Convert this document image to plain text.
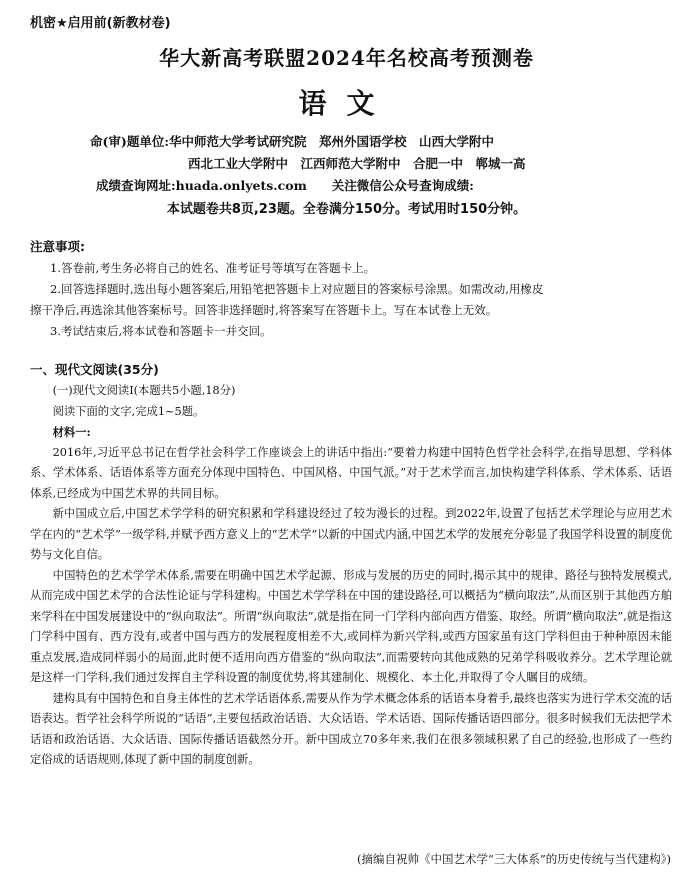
机密★启用前(新教材卷)
华大新高考联盟2024年名校高考预测卷
语文
命(审)题单位:华中师范大学考试研究院　郑州外国语学校　山西大学附中
西北工业大学附中　江西师范大学附中　合肥一中　郸城一高
成绩查询网址:huada.onlyets.com　　关注微信公众号查询成绩:
本试题卷共8页,23题。全卷满分150分。考试用时150分钟。
注意事项:
1.答卷前,考生务必将自己的姓名、准考证号等填写在答题卡上。
2.回答选择题时,选出每小题答案后,用铅笔把答题卡上对应题目的答案标号涂黑。如需改动,用橡皮
擦干净后,再选涂其他答案标号。回答非选择题时,将答案写在答题卡上。写在本试卷上无效。
3.考试结束后,将本试卷和答题卡一并交回。
一、现代文阅读(35分)

(一)现代文阅读Ⅰ(本题共5小题,18分)

阅读下面的文字,完成1~5题。

材料一:

2016年,习近平总书记在哲学社会科学工作座谈会上的讲话中指出:“要着力构建中国特色哲学社会科学,在指导思想、学科体系、学术体系、话语体系等方面充分体现中国特色、中国风格、中国气派。”对于艺术学而言,加快构建学科体系、学术体系、话语体系,已经成为中国艺术界的共同目标。

新中国成立后,中国艺术学学科的研究积累和学科建设经过了较为漫长的过程。到2022年,设置了包括艺术学理论与应用艺术学在内的“艺术学”一级学科,并赋予西方意义上的“艺术学”以新的中国式内涵,中国艺术学的发展充分彰显了我国学科设置的制度优势与文化自信。

中国特色的艺术学学术体系,需要在明确中国艺术学起源、形成与发展的历史的同时,揭示其中的规律、路径与独特发展模式,从而完成中国艺术学的合法性论证与学科建构。中国艺术学学科在中国的建设路径,可以概括为“横向取法”,从而区别于其他西方舶来学科在中国发展建设中的“纵向取法”。所谓“纵向取法”,就是指在同一门学科内部向西方借鉴、取经。所谓“横向取法”,就是指这门学科中国有、西方没有,或者中国与西方的发展程度相差不大,或同样为新兴学科,或西方国家虽有这门学科但由于种种原因未能重点发展,造成同样弱小的局面,此时便不适用向西方借鉴的“纵向取法”,而需要转向其他成熟的兄弟学科吸收养分。艺术学理论就是这样一门学科,我们通过发挥自主学科设置的制度优势,将其建制化、规模化、本土化,并取得了令人瞩目的成绩。

建构具有中国特色和自身主体性的艺术学话语体系,需要从作为学术概念体系的话语本身着手,最终也落实为进行学术交流的话语表达。哲学社会科学所说的“话语”,主要包括政治话语、大众话语、学术话语、国际传播话语四部分。很多时候我们无法把学术话语和政治话语、大众话语、国际传播话语截然分开。新中国成立70多年来,我们在很多领域积累了自己的经验,也形成了一些约定俗成的话语规则,体现了新中国的制度创新。

(摘编自祝帅《中国艺术学“三大体系”的历史传统与当代建构》)
